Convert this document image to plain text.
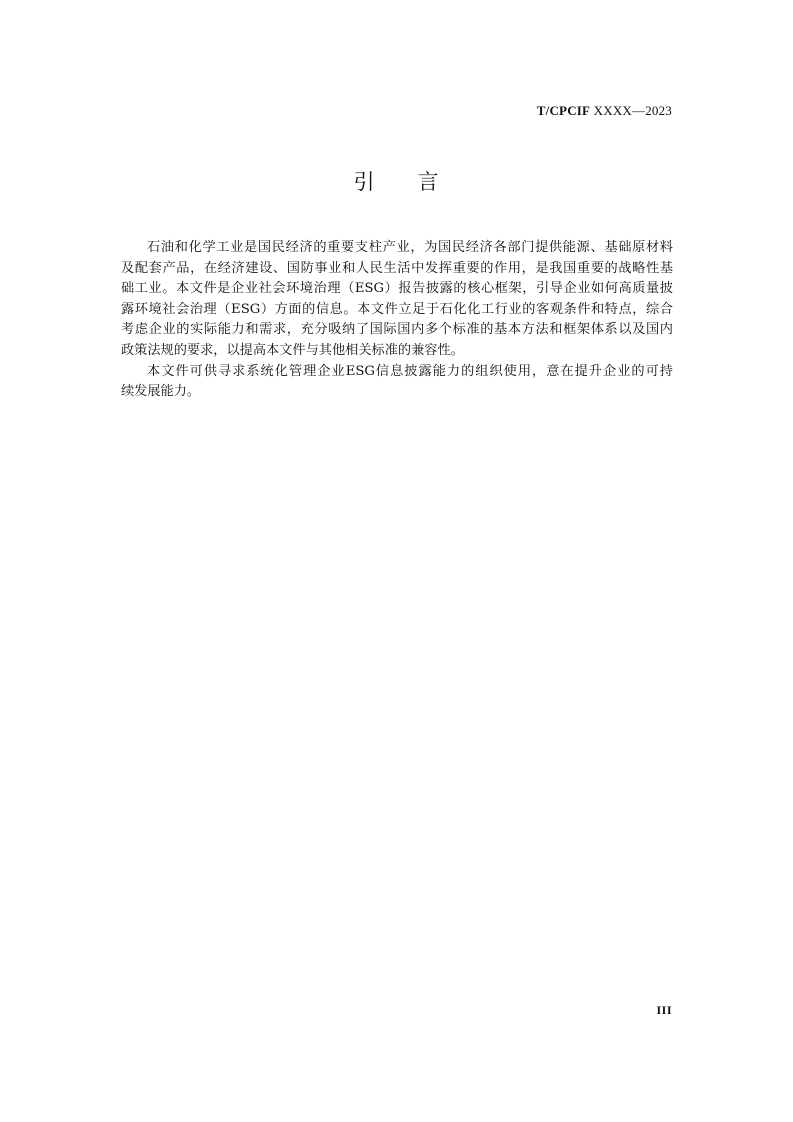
T/CPCIF XXXX—2023
引 言
石油和化学工业是国民经济的重要支柱产业，为国民经济各部门提供能源、基础原材料
及配套产品，在经济建设、国防事业和人民生活中发挥重要的作用，是我国重要的战略性基
础工业。本文件是企业社会环境治理（ESG）报告披露的核心框架，引导企业如何高质量披
露环境社会治理（ESG）方面的信息。本文件立足于石化化工行业的客观条件和特点，综合
考虑企业的实际能力和需求，充分吸纳了国际国内多个标准的基本方法和框架体系以及国内
政策法规的要求，以提高本文件与其他相关标准的兼容性。
本文件可供寻求系统化管理企业ESG信息披露能力的组织使用，意在提升企业的可持
续发展能力。
III
